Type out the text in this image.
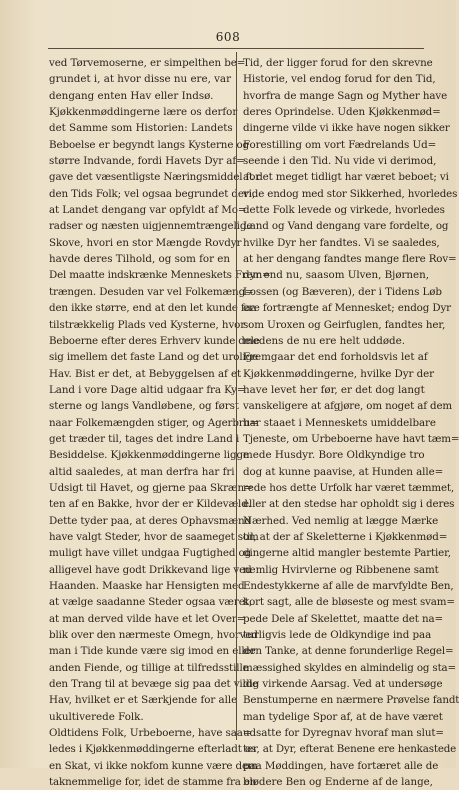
608
ved Tørvemoserne, er simpelthen be=
grundet i, at hvor disse nu ere, var
dengang enten Hav eller Indsø.
Kjøkkenmøddingerne lære os derfor
det Samme som Historien: Landets
Beboelse er begyndt langs Kysterne og
større Indvande, fordi Havets Dyr af=
gave det væsentligste Næringsmiddel for
den Tids Folk; vel ogsaa begrundet deri,
at Landet dengang var opfyldt af Mo=
radser og næsten uigjennemtrængelige
Skove, hvori en stor Mængde Rovdyr
havde deres Tilhold, og som for en
Del maatte indskrænke Menneskets Frem=
trængen. Desuden var vel Folkemæng=
den ikke større, end at den let kunde faa
tilstrækkelig Plads ved Kysterne, hvor
Beboerne efter deres Erhverv kunde dele
sig imellem det faste Land og det urolige
Hav. Bist er det, at Bebyggelsen af et
Land i vore Dage altid udgaar fra Ky=
sterne og langs Vandløbene, og først
naar Folkemængden stiger, og Agerbru=
get træder til, tages det indre Land i
Besiddelse. Kjøkkenmøddingerne ligge
altid saaledes, at man derfra har fri
Udsigt til Havet, og gjerne paa Skræn=
ten af en Bakke, hvor der er Kildevæld.
Dette tyder paa, at deres Ophavsmænd
have valgt Steder, hvor de saameget som
muligt have villet undgaa Fugtighed og
alligevel have godt Drikkevand lige ved
Haanden. Maaske har Hensigten med
at vælge saadanne Steder ogsaa været,
at man derved vilde have et let Over=
blik over den nærmeste Omegn, hvorved
man i Tide kunde være sig imod en eller
anden Fiende, og tillige at tilfredsstille
den Trang til at bevæge sig paa det vilde
Hav, hvilket er et Særkjende for alle
ukultiverede Folk.
Oldtidens Folk, Urbeboerne, have saa=
ledes i Kjøkkenmøddingerne efterladt os
en Skat, vi ikke nokfom kunne være dem
taknemmelige for, idet de stamme fra en
Tid, der ligger forud for den skrevne
Historie, vel endog forud for den Tid,
hvorfra de mange Sagn og Myther have
deres Oprindelse. Uden Kjøkkenmød=
dingerne vilde vi ikke have nogen sikker
Forestilling om vort Fædrelands Ud=
seende i den Tid. Nu vide vi derimod,
at det meget tidligt har været beboet; vi
vide endog med stor Sikkerhed, hvorledes
dette Folk levede og virkede, hvorledes
Land og Vand dengang vare fordelte, og
hvilke Dyr her fandtes. Vi se saaledes,
at her dengang fandtes mange flere Rov=
dyr end nu, saasom Ulven, Bjørnen,
Lossen (og Bæveren), der i Tidens Løb
ere fortrængte af Mennesket; endog Dyr
som Uroxen og Geirfuglen, fandtes her,
medens de nu ere helt uddøde.
Fremgaar det end forholdsvis let af
Kjøkkenmøddingerne, hvilke Dyr der
have levet her før, er det dog langt
vanskeligere at afgjøre, om noget af dem
har staaet i Menneskets umiddelbare
Tjeneste, om Urbeboerne have havt tæm=
mede Husdyr. Bore Oldkyndige tro
dog at kunne paavise, at Hunden alle=
rede hos dette Urfolk har været tæmmet,
eller at den stedse har opholdt sig i deres
Nærhed. Ved nemlig at lægge Mærke
til, at der af Skeletterne i Kjøkkenmød=
dingerne altid mangler bestemte Partier,
nemlig Hvirvlerne og Ribbenene samt
Endestykkerne af alle de marvfyldte Ben,
kort sagt, alle de bløseste og mest svam=
pede Dele af Skelettet, maatte det na=
turligvis lede de Oldkyndige ind paa
den Tanke, at denne forunderlige Regel=
mæssighed skyldes en almindelig og sta=
dig virkende Aarsag. Ved at undersøge
Benstumperne en nærmere Prøvelse fandt
man tydelige Spor af, at de have været
udsatte for Dyregnav hvoraf man slut=
ter, at Dyr, efterat Benene ere henkastede
paa Møddingen, have fortæret alle de
blødere Ben og Enderne af de lange,
